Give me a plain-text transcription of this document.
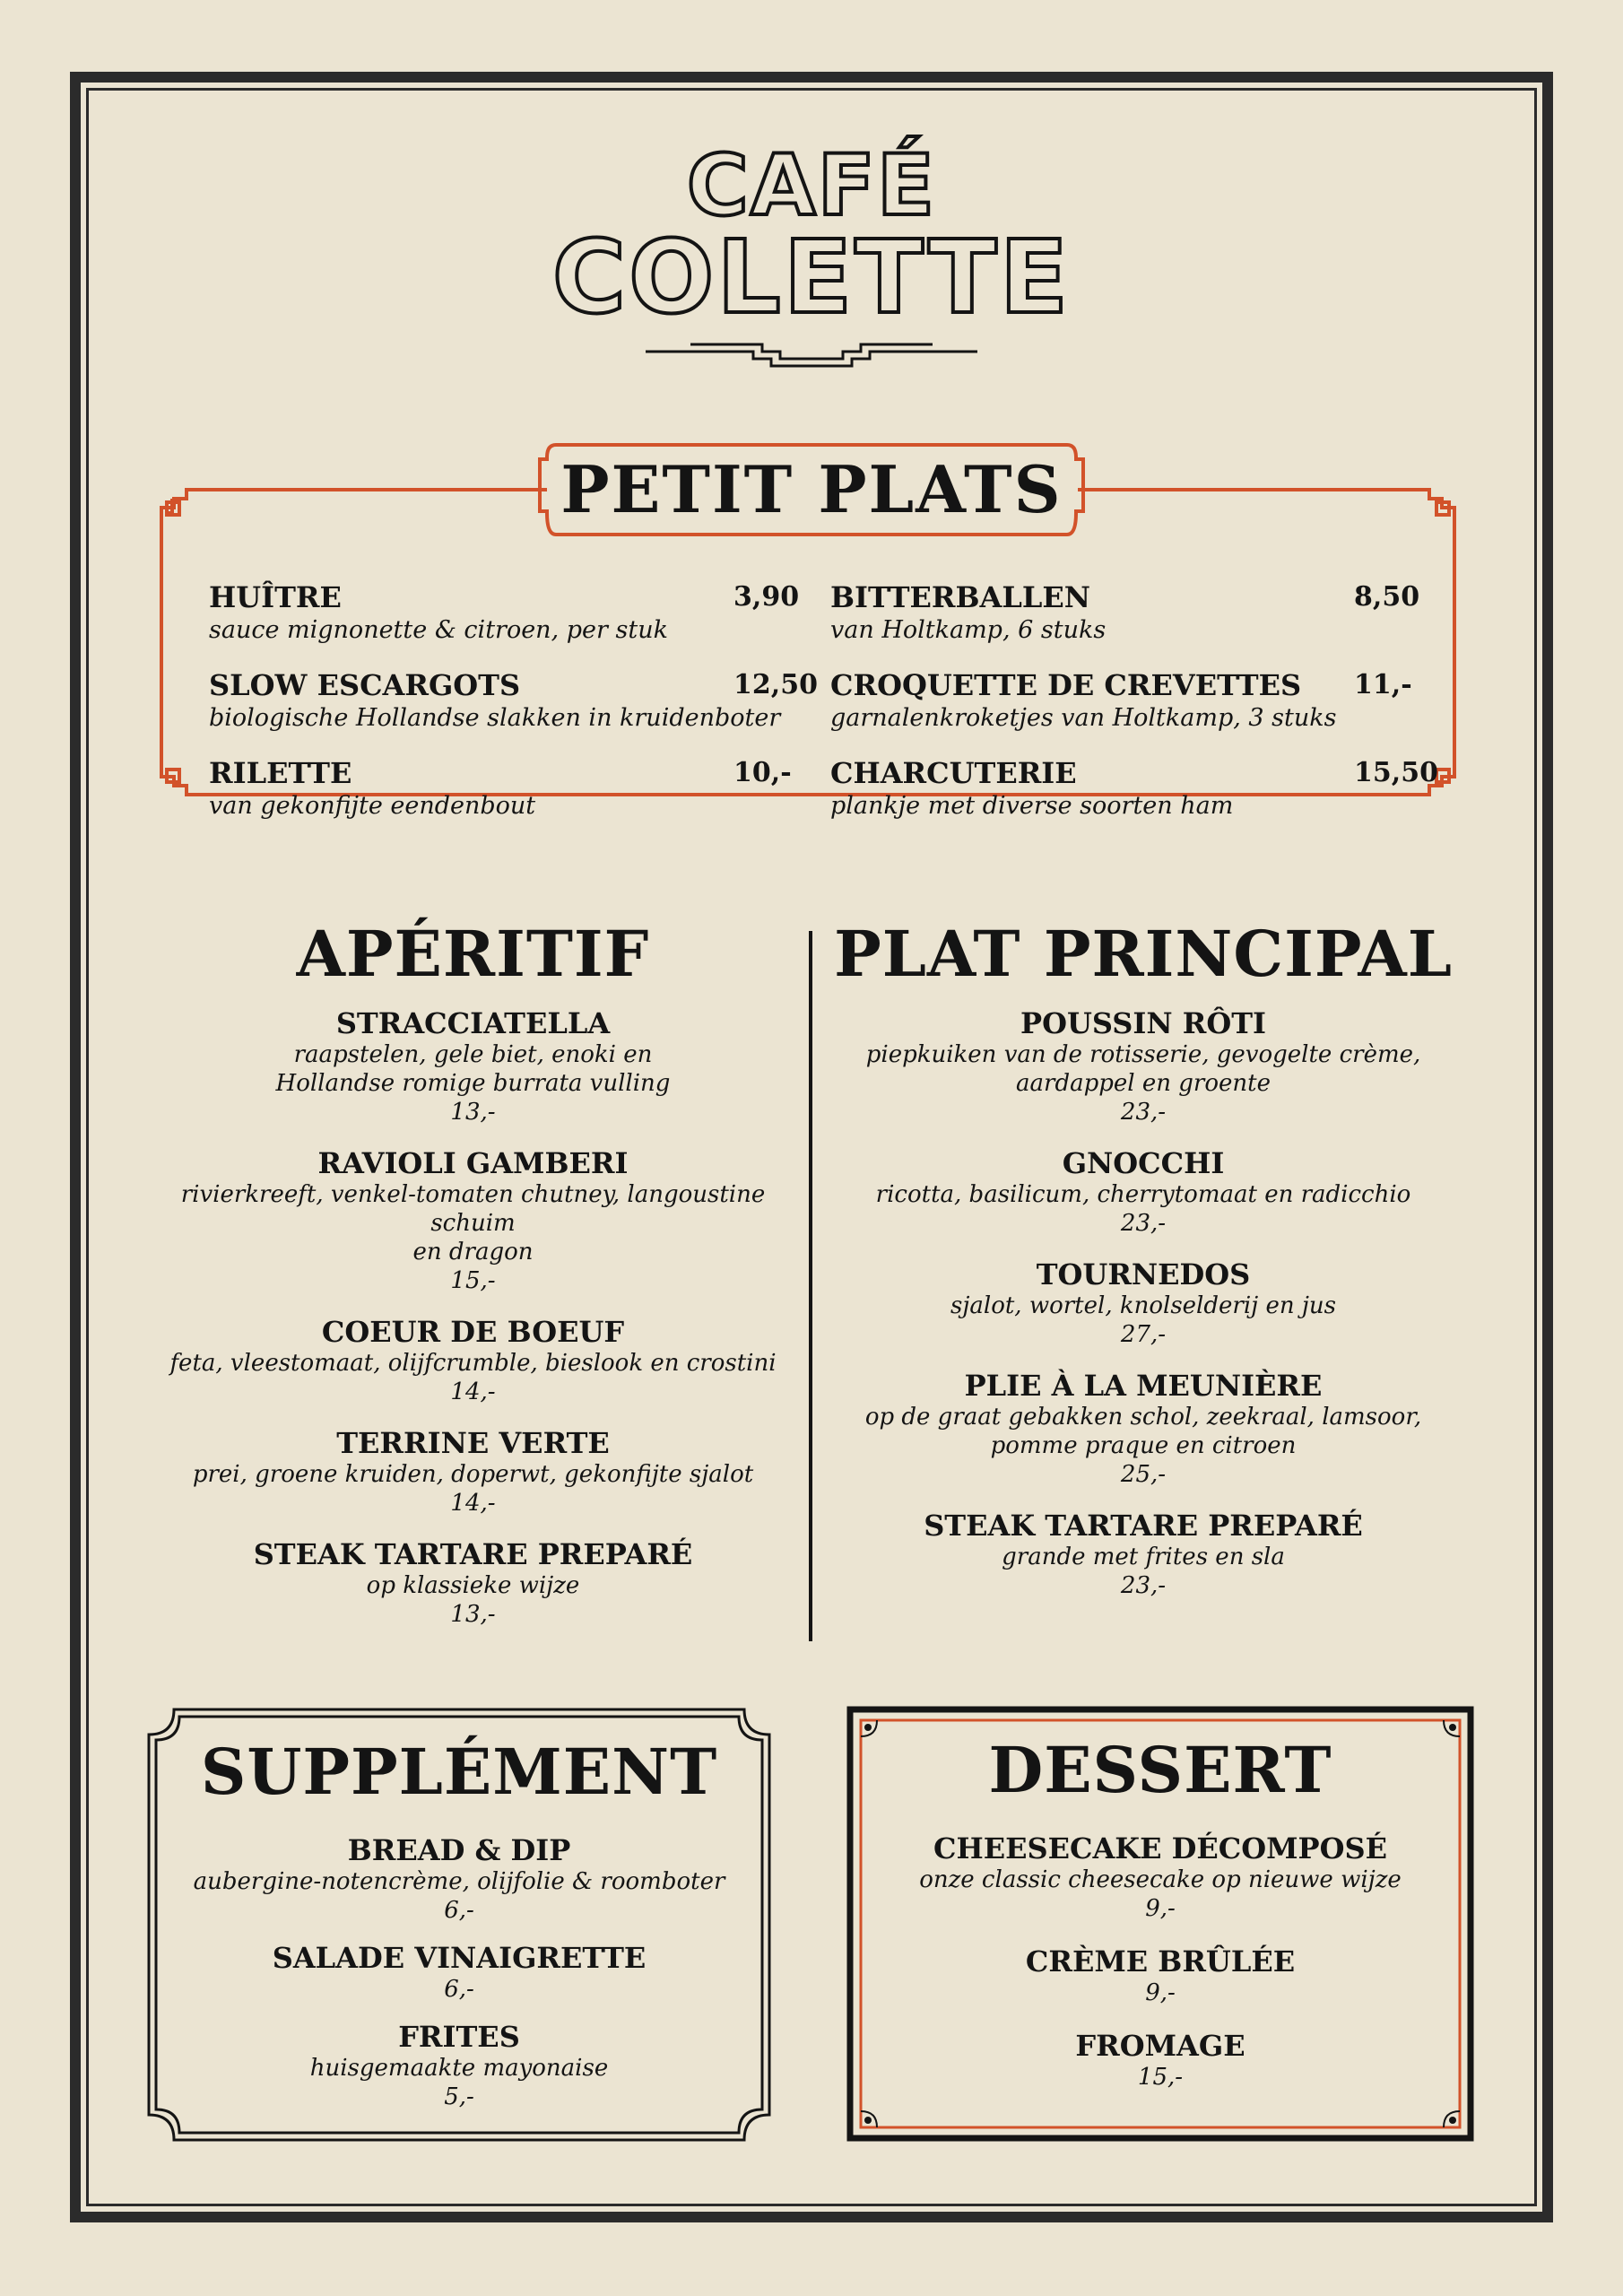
CAFÉ
COLETTE
PETIT PLATS
HUÎTRE
sauce mignonette & citroen, per stuk
3,90
SLOW ESCARGOTS
biologische Hollandse slakken in kruidenboter
12,50
RILETTE
van gekonfijte eendenbout
10,-
BITTERBALLEN
van Holtkamp, 6 stuks
8,50
CROQUETTE DE CREVETTES
garnalenkroketjes van Holtkamp, 3 stuks
11,-
CHARCUTERIE
plankje met diverse soorten ham
15,50
APÉRITIF
STRACCIATELLA
raapstelen, gele biet, enoki en
Hollandse romige burrata vulling
13,-
RAVIOLI GAMBERI
rivierkreeft, venkel-tomaten chutney, langoustine schuim
en dragon
15,-
COEUR DE BOEUF
feta, vleestomaat, olijfcrumble, bieslook en crostini
14,-
TERRINE VERTE
prei, groene kruiden, doperwt, gekonfijte sjalot
14,-
STEAK TARTARE PREPARÉ
op klassieke wijze
13,-
PLAT PRINCIPAL
POUSSIN RÔTI
piepkuiken van de rotisserie, gevogelte crème,
aardappel en groente
23,-
GNOCCHI
ricotta, basilicum, cherrytomaat en radicchio
23,-
TOURNEDOS
sjalot, wortel, knolselderij en jus
27,-
PLIE À LA MEUNIÈRE
op de graat gebakken schol, zeekraal, lamsoor,
pomme praque en citroen
25,-
STEAK TARTARE PREPARÉ
grande met frites en sla
23,-
SUPPLÉMENT
BREAD & DIP
aubergine-notencrème, olijfolie & roomboter
6,-
SALADE VINAIGRETTE
6,-
FRITES
huisgemaakte mayonaise
5,-
DESSERT
CHEESECAKE DÉCOMPOSÉ
onze classic cheesecake op nieuwe wijze
9,-
CRÈME BRÛLÉE
9,-
FROMAGE
15,-
